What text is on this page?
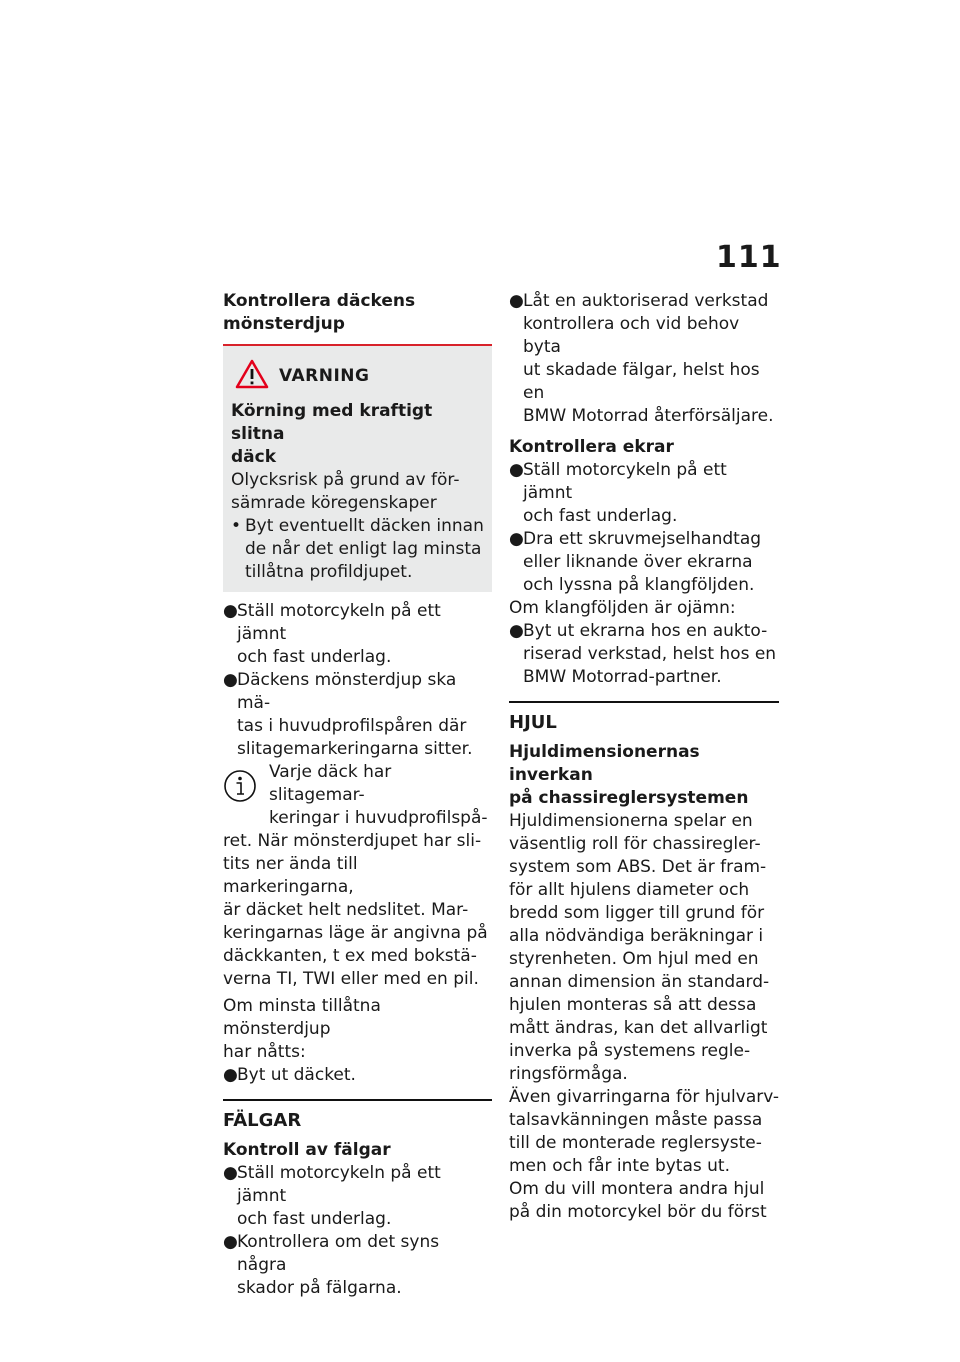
111

Kontrollera däckens

mönsterdjup

VARNING

Körning med kraftigt slitna

däck

Olycksrisk på grund av för-

sämrade köregenskaper

• Byt eventuellt däcken innan
de når det enligt lag minsta
tillåtna profildjupet.
● Ställ motorcykeln på ett jämnt
och fast underlag.
● Däckens mönsterdjup ska mä-
tas i huvudprofilspåren där
slitagemarkeringarna sitter.

Varje däck har slitagemar-

keringar i huvudprofilspå-

ret. När mönsterdjupet har sli-

tits ner ända till markeringarna,

är däcket helt nedslitet. Mar-

keringarnas läge är angivna på

däckkanten, t ex med bokstä-

verna TI, TWI eller med en pil.

Om minsta tillåtna mönsterdjup

har nåtts:

● Byt ut däcket.
FÄLGAR

Kontroll av fälgar

● Ställ motorcykeln på ett jämnt
och fast underlag.
● Kontrollera om det syns några
skador på fälgarna.
● Låt en auktoriserad verkstad
kontrollera och vid behov byta
ut skadade fälgar, helst hos en
BMW Motorrad återförsäljare.

Kontrollera ekrar

● Ställ motorcykeln på ett jämnt
och fast underlag.
● Dra ett skruvmejselhandtag
eller liknande över ekrarna
och lyssna på klangföljden.

Om klangföljden är ojämn:

● Byt ut ekrarna hos en aukto-
riserad verkstad, helst hos en
BMW Motorrad-partner.
HJUL

Hjuldimensionernas inverkan

på chassireglersystemen

Hjuldimensionerna spelar en

väsentlig roll för chassiregler-

system som ABS. Det är fram-

för allt hjulens diameter och

bredd som ligger till grund för

alla nödvändiga beräkningar i

styrenheten. Om hjul med en

annan dimension än standard-

hjulen monteras så att dessa

mått ändras, kan det allvarligt

inverka på systemens regle-

ringsförmåga.

Även givarringarna för hjulvarv-

talsavkänningen måste passa

till de monterade reglersyste-

men och får inte bytas ut.

Om du vill montera andra hjul

på din motorcykel bör du först
